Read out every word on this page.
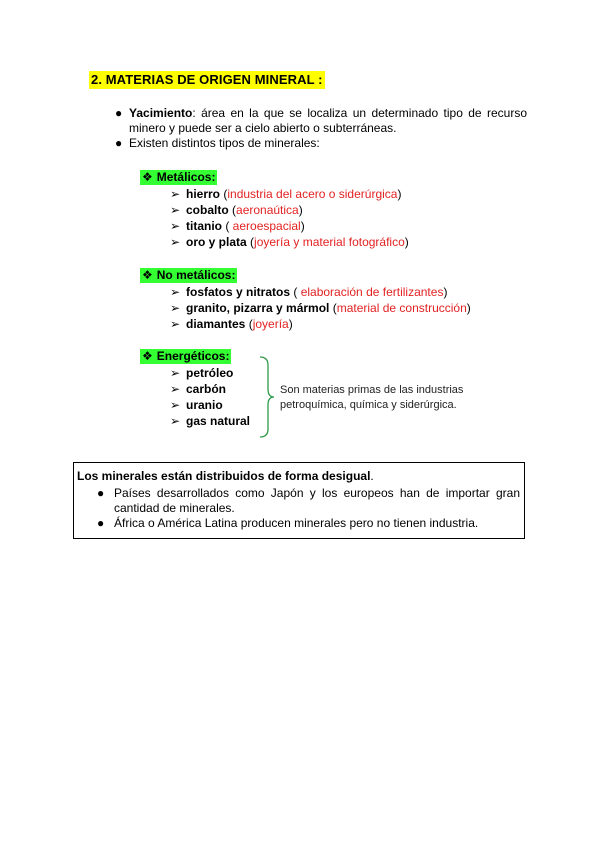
2. MATERIAS DE ORIGEN MINERAL :
● Yacimiento: área en la que se localiza un determinado tipo de recurso minero y puede ser a cielo abierto o subterráneas.
● Existen distintos tipos de minerales:
❖ Metálicos:
➢ hierro (industria del acero o siderúrgica)
➢ cobalto (aeronaútica)
➢ titanio ( aeroespacial)
➢ oro y plata (joyería y material fotográfico)
❖ No metálicos:
➢ fosfatos y nitratos ( elaboración de fertilizantes)
➢ granito, pizarra y mármol (material de construcción)
➢ diamantes (joyería)
❖ Energéticos:
➢ petróleo
➢ carbón
➢ uranio
➢ gas natural
Son materias primas de las industrias petroquímica, química y siderúrgica.
Los minerales están distribuidos de forma desigual.
● Países desarrollados como Japón y los europeos han de importar gran cantidad de minerales.
● África o América Latina producen minerales pero no tienen industria.
